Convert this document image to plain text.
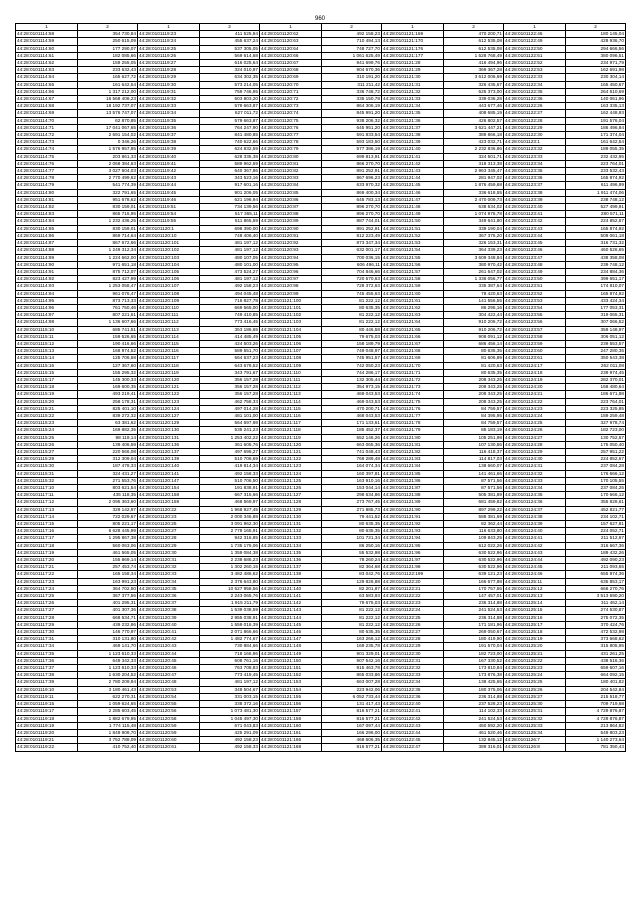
960
1	2	1	2	1	2	1	2	1	2
44:28:0101114:58	354 730,84	44:28:0101119:23	411 525,94	44:28:0101120:62	492 158,23	44:28:0101121:169	470 200,71	44:28:0101122:46	180 145,04
44:28:0101114:59	250 615,09	44:28:0101119:24	455 637,24	44:28:0101120:63	710 494,13	44:28:0101121:170	612 535,08	44:28:0101122:49	428 936,70
44:28:0101114:60	177 290,07	44:28:0101119:25	537 305,05	44:28:0101120:64	748 727,70	44:28:0101121:176	612 535,08	44:28:0101122:50	294 666,56
44:28:0101114:61	182 085,66	44:28:0101119:26	569 614,68	44:28:0101120:66	1 061 625,49	44:28:0101121:177	1 528 768,49	44:28:0101122:51	380 096,51
44:28:0101114:62	159 255,05	44:28:0101119:27	616 025,64	44:28:0101120:67	941 699,76	44:28:0101121:28	416 494,96	44:28:0101122:52	234 971,79
44:28:0101114:63	233 632,43	44:28:0101119:28	324 010,97	44:28:0101120:68	904 670,36	44:28:0101121:29	369 367,28	44:28:0101122:53	162 691,98
44:28:0101114:64	165 627,72	44:28:0101119:29	634 302,35	44:28:0101120:69	310 191,20	44:28:0101121:30	3 612 006,69	44:28:0101122:33	230 304,14
44:28:0101114:65	161 642,54	44:28:0101119:30	573 214,05	44:28:0101120:70	311 211,42	44:28:0101121:31	326 435,67	44:28:0101122:34	165 450,67
44:28:0101114:66	1 317 212,00	44:28:0101119:31	759 746,95	44:28:0101120:71	336 748,72	44:28:0101121:32	625 373,00	44:28:0101122:35	264 610,69
44:28:0101114:67	16 568 408,23	44:28:0101119:32	603 803,20	44:28:0101120:72	335 150,78	44:28:0101121:33	339 036,28	44:28:0101122:36	140 061,96
44:28:0101114:68	18 192 737,07	44:28:0101119:33	579 663,87	44:28:0101120:73	864 306,19	44:28:0101121:34	443 677,46	44:28:0101122:26	163 335,13
44:28:0101114:69	13 576 747,07	44:28:0101119:34	627 011,72	44:28:0101120:74	845 991,20	44:28:0101121:35	408 685,19	44:28:0101122:27	162 448,93
44:28:0101114:70	62 870,85	44:28:0101119:35	579 663,87	44:28:0101120:75	938 206,32	44:28:0101121:36	426 802,57	44:28:0101122:28	191 576,04
44:28:0101114:71	17 041 067,65	44:28:0101119:36	764 247,90	44:28:0101120:76	645 951,20	44:28:0101121:37	3 621 447,21	44:28:0101122:29	186 496,84
44:28:0101114:72	2 691 154,02	44:28:0101119:37	841 480,85	44:28:0101120:77	591 833,54	44:28:0101121:38	389 866,18	44:28:0101122:30	171 374,04
44:28:0101114:73	0 346,26	44:28:0101119:38	740 622,66	44:28:0101120:78	593 183,50	44:28:0101121:39	423 032,71	44:28:0101123:1	161 642,54
44:28:0101114:74	1 576 957,85	44:28:0101119:39	624 832,59	44:28:0101120:79	577 386,19	44:28:0101121:40	2 232 836,86	44:28:0101123:32	189 055,35
44:28:0101114:75	203 861,33	44:28:0101119:40	628 335,38	44:28:0101120:80	699 813,91	44:28:0101121:41	324 501,71	44:28:0101123:33	232 432,95
44:28:0101114:76	2 068 384,63	44:28:0101119:41	589 962,59	44:28:0101120:81	866 270,70	44:28:0101121:42	318 313,38	44:28:0101123:34	223 764,01
44:28:0101114:77	3 027 604,03	44:28:0101119:42	640 367,86	44:28:0101120:82	891 252,91	44:28:0101121:43	2 963 345,47	44:28:0101123:35	233 532,43
44:28:0101114:78	2 770 499,62	44:28:0101119:43	343 523,16	44:28:0101120:83	867 696,23	44:28:0101121:44	281 947,02	44:28:0101123:36	165 874,92
44:28:0101114:79	541 774,39	44:28:0101119:44	917 601,16	44:28:0101120:84	633 970,32	44:28:0101121:45	1 876 459,68	44:28:0101123:37	611 496,99
44:28:0101114:80	322 791,65	44:28:0101119:45	901 206,05	44:28:0101120:85	869 400,34	44:28:0101121:46	336 618,55	44:28:0101123:38	1 911 474,06
44:28:0101114:81	951 678,62	44:28:0101119:46	621 196,94	44:28:0101120:86	645 783,13	44:28:0101121:47	2 470 009,73	44:28:0101123:39	238 748,12
44:28:0101114:82	830 159,01	44:28:0101119:51	734 139,56	44:28:0101120:87	896 270,70	44:28:0101121:48	638 534,02	44:28:0101123:40	527 499,91
44:28:0101114:83	865 716,95	44:28:0101119:54	517 365,11	44:28:0101120:88	896 270,70	44:28:0101121:49	1 074 976,78	44:28:0101123:41	280 571,11
44:28:0101114:84	1 232 436,25	44:28:0101119:55	511 865,59	44:28:0101120:89	887 744,01	44:28:0101121:50	349 641,80	44:28:0101123:42	224 852,67
44:28:0101114:85	830 159,01	44:28:0101120:1	698 390,00	44:28:0101120:90	891 252,91	44:28:0101121:51	339 190,04	44:28:0101123:43	165 874,92
44:28:0101114:86	869 714,64	44:28:0101120:10	748 406,40	44:28:0101120:91	812 223,49	44:28:0101121:52	367 376,20	44:28:0101123:44	508 061,18
44:28:0101114:87	867 672,66	44:28:0101120:101	481 197,12	44:28:0101120:92	873 347,34	44:28:0101121:53	326 153,31	44:28:0101123:45	316 731,32
44:28:0101114:88	1 249 312,34	44:28:0101120:102	481 197,12	44:28:0101120:93	632 001,17	44:28:0101121:54	364 339,23	44:28:0101123:46	460 526,65
44:28:0101114:89	1 224 662,00	44:28:0101120:103	480 107,05	44:28:0101120:94	700 036,15	44:28:0101121:55	3 609 348,84	44:28:0101123:47	438 358,08
44:28:0101114:90	971 651,18	44:28:0101120:104	480 101,00	44:28:0101120:95	606 496,11	44:28:0101121:56	380 970,42	44:28:0101123:48	239 748,12
44:28:0101114:91	875 712,07	44:28:0101120:105	473 524,27	44:28:0101120:96	704 846,66	44:28:0101121:57	261 647,02	44:28:0101123:49	234 884,36
44:28:0101114:92	823 427,99	44:28:0101120:106	481 197,12	44:28:0101120:97	720 570,63	44:28:0101121:58	1 336 056,77	44:28:0101123:50	399 651,17
44:28:0101114:93	1 253 058,47	44:28:0101120:107	492 158,23	44:28:0101120:98	728 372,63	44:28:0101121:59	335 387,64	44:28:0101123:51	174 810,07
44:28:0101114:94	961 076,47	44:28:0101120:108	494 045,48	44:28:0101120:99	745 455,63	44:28:0101121:60	78 420,63	44:28:0101123:52	165 874,92
44:28:0101114:95	873 713,33	44:28:0101120:109	716 827,78	44:28:0101121:100	81 222,12	44:28:0101121:61	141 556,55	44:28:0101123:53	433 424,34
44:28:0101114:96	761 750,46	44:28:0101120:110	669 565,00	44:28:0101121:101	80 635,35	44:28:0101121:62	86 295,16	44:28:0101123:54	177 053,31
44:28:0101114:97	807 221,61	44:28:0101120:111	749 410,85	44:28:0101121:102	81 222,12	44:28:0101121:63	304 422,44	44:28:0101123:55	319 065,31
44:28:0101114:98	1 136 607,66	44:28:0101120:112	773 416,45	44:28:0101121:103	81 222,12	44:28:0101121:64	910 206,72	44:28:0101123:56	307 066,52
44:28:0101115:10	685 741,51	44:28:0101120:113	353 186,65	44:28:0101121:104	80 446,58	44:28:0101121:65	910 206,72	44:28:0101123:57	359 148,97
44:28:0101115:11	159 526,65	44:28:0101120:114	414 485,49	44:28:0101121:105	79 675,03	44:28:0101121:66	908 091,12	44:28:0101123:58	306 051,12
44:28:0101115:12	190 416,66	44:28:0101120:115	424 503,26	44:28:0101121:106	158 189,79	44:28:0101121:67	686 456,14	44:28:0101123:59	239 553,57
44:28:0101115:13	168 974,52	44:28:0101120:116	589 551,70	44:28:0101121:107	749 048,97	44:28:0101121:68	80 635,35	44:28:0101123:60	247 280,35
44:28:0101115:14	125 706,68	44:28:0101120:117	564 637,23	44:28:0101121:108	745 951,57	44:28:0101121:69	81 606,89	44:28:0101123:61	350 543,38
44:28:0101115:16	127 367,60	44:28:0101120:118	643 678,52	44:28:0101121:109	742 050,23	44:28:0101121:70	81 420,63	44:28:0101124:17	262 011,08
44:28:0101115:15	155 295,32	44:28:0101120:119	343 791,67	44:28:0101121:110	744 286,17	44:28:0101121:71	80 635,35	44:28:0101124:18	239 974,45
44:28:0101115:17	145 300,33	44:28:0101120:120	356 157,28	44:28:0101121:111	132 305,44	44:28:0101121:72	208 343,25	44:28:0101124:19	282 370,01
44:28:0101115:18	169 600,35	44:28:0101120:121	356 157,28	44:28:0101121:112	354 973,15	44:28:0101121:73	208 343,25	44:28:0101124:20	168 480,64
44:28:0101115:19	493 219,41	44:28:0101120:122	356 157,28	44:28:0101121:113	468 043,53	44:28:0101121:74	208 343,25	44:28:0101124:21	186 671,88
44:28:0101115:20	258 178,31	44:28:0101120:123	462 758,33	44:28:0101121:114	469 043,53	44:28:0101121:75	208 343,25	44:28:0101124:22	223 764,01
44:28:0101115:21	825 401,10	44:28:0101120:124	497 014,28	44:28:0101121:115	470 200,71	44:28:0101121:76	84 759,57	44:28:0101124:23	223 325,85
44:28:0101115:22	839 272,32	44:28:0101120:127	481 101,00	44:28:0101121:116	468 043,53	44:28:0101121:77	84 395,95	44:28:0101124:24	189 259,48
44:28:0101115:23	63 381,62	44:28:0101120:129	564 697,98	44:28:0101121:117	171 133,61	44:28:0101121:78	84 759,57	44:28:0101124:25	327 978,74
44:28:0101115:24	169 882,35	44:28:0101120:130	535 241,23	44:28:0101121:118	185 452,37	44:28:0101121:79	85 183,19	44:28:0101124:26	182 723,00
44:28:0101115:25	98 119,14	44:28:0101120:131	1 253 402,22	44:28:0101121:119	552 146,26	44:28:0101121:80	105 251,98	44:28:0101124:27	130 752,57
44:28:0101115:26	139 406,59	44:28:0101120:136	361 605,76	44:28:0101121:120	663 065,36	44:28:0101121:81	107 130,56	44:28:0101124:28	175 050,40
44:28:0101115:27	220 566,08	44:28:0101120:137	497 695,27	44:28:0101121:121	741 048,43	44:28:0101121:82	116 418,37	44:28:0101124:29	257 951,22
44:28:0101115:29	312 309,04	44:28:0101120:139	510 706,69	44:28:0101121:122	769 289,48	44:28:0101121:83	114 817,03	44:28:0101124:30	224 852,67
44:28:0101115:30	187 478,33	44:28:0101120:140	419 814,34	44:28:0101121:123	164 074,34	44:28:0101121:84	138 660,07	44:28:0101124:31	237 084,28
44:28:0101115:31	324 431,27	44:28:0101120:141	492 158,33	44:28:0101121:124	160 397,81	44:28:0101121:85	141 461,66	44:28:0101124:32	176 666,12
44:28:0101115:32	271 553,76	44:28:0101120:147	510 706,50	44:28:0101121:125	163 910,16	44:28:0101121:86	87 571,56	44:28:0101124:33	170 105,55
44:28:0101117:10	803 621,54	44:28:0101120:154	191 838,91	44:28:0101121:126	153 044,14	44:28:0101121:87	87 571,56	44:28:0101124:34	237 084,25
44:28:0101117:11	435 118,35	44:28:0101120:158	667 315,66	44:28:0101121:127	298 634,86	44:28:0101121:88	505 381,89	44:28:0101124:35	170 666,12
44:28:0101117:12	2 095 363,60	44:28:0101120:159	468 569,97	44:28:0101121:128	273 767,45	44:28:0101121:89	681 459,82	44:28:0101124:36	355 828,61
44:28:0101117:13	329 142,97	44:28:0101120:22	1 968 927,45	44:28:0101121:129	271 885,73	44:28:0101121:90	897 299,22	44:28:0101124:37	452 821,77
44:28:0101117:14	722 029,67	44:28:0101120:23	2 000 346,88	44:28:0101121:130	79 441,52	44:28:0101121:91	588 381,69	44:28:0101124:38	234 102,71
44:28:0101117:15	805 221,17	44:28:0101120:25	3 091 962,30	44:28:0101121:131	80 635,35	44:28:0101121:92	82 362,44	44:28:0101124:39	157 627,81
44:28:0101117:16	6 628 445,99	44:28:0101120:27	2 779 165,91	44:28:0101121:132	80 635,35	44:28:0101121:93	116 633,80	44:28:0101124:40	224 052,71
44:28:0101117:17	1 295 867,38	44:28:0101120:28	942 316,85	44:28:0101121:133	101 721,34	44:28:0101121:94	109 843,25	44:28:0101124:41	211 512,67
44:28:0101117:18	560 063,06	44:28:0101120:29	1 735 176,06	44:28:0101121:134	86 250,16	44:28:0101121:95	612 022,26	44:28:0101124:42	316 667,36
44:28:0101117:19	461 565,05	44:28:0101120:30	1 359 084,38	44:28:0101121:135	55 532,98	44:28:0101121:96	630 522,96	44:28:0101124:43	189 432,26
44:28:0101117:20	155 869,14	44:28:0101120:31	2 238 685,23	44:28:0101121:136	78 260,24	44:28:0101121:97	630 522,96	44:28:0101124:44	492 090,23
44:28:0101117:21	257 453,74	44:28:0101120:32	1 302 260,15	44:28:0101121:137	82 364,68	44:28:0101121:98	630 522,96	44:28:0101124:45	211 093,65
44:28:0101117:22	165 158,34	44:28:0101120:33	3 482 486,62	44:28:0101121:138	83 042,76	44:28:0101122:199	639 121,23	44:28:0101124:46	655 974,36
44:28:0101117:23	163 991,23	44:28:0101120:34	2 376 643,80	44:28:0101121:139	129 826,88	44:28:0101122:20	166 677,88	44:28:0101125:11	635 853,17
44:28:0101117:24	364 702,50	44:28:0101120:35	10 527 958,56	44:28:0101121:140	82 201,87	44:28:0101122:21	170 757,56	44:28:0101125:12	666 270,76
44:28:0101117:25	367 377,56	44:28:0101120:36	2 243 065,76	44:28:0101121:141	63 583,93	44:28:0101122:22	147 457,01	44:28:0101125:13	3 513 690,20
44:28:0101117:26	401 295,31	44:28:0101120:37	1 915 211,79	44:28:0101121:142	79 675,03	44:28:0101122:23	236 314,88	44:28:0101125:14	311 462,14
44:28:0101117:27	401 307,36	44:28:0101120:38	1 539 038,59	44:28:0101121:143	81 222,12	44:28:0101122:24	241 524,53	44:28:0101125:15	274 530,87
44:28:0101117:28	668 534,71	44:28:0101120:39	2 955 038,91	44:28:0101121:144	81 222,12	44:28:0101122:25	236 314,88	44:28:0101125:16	275 072,35
44:28:0101117:29	439 232,86	44:28:0101120:40	1 559 016,39	44:28:0101121:145	81 222,12	44:28:0101122:26	171 181,96	44:28:0101125:17	370 424,76
44:28:0101117:30	146 770,97	44:28:0101120:41	2 071 866,66	44:28:0101121:146	80 635,35	44:28:0101122:27	269 050,67	44:28:0101125:18	472 532,98
44:28:0101117:31	310 131,80	44:28:0101120:42	1 482 774,67	44:28:0101121:147	163 266,12	44:28:0101122:28	180 419,90	44:28:0101125:19	373 668,62
44:28:0101117:34	469 141,70	44:28:0101120:43	730 884,66	44:28:0101121:148	169 235,78	44:28:0101122:29	191 570,04	44:28:0101125:20	315 805,95
44:28:0101117:35	1 123 610,33	44:28:0101120:44	718 166,96	44:28:0101121:149	901 329,01	44:28:0101122:30	182 723,00	44:28:0101125:21	431 261,25
44:28:0101117:36	649 342,33	44:28:0101120:45	608 761,16	44:28:0101121:150	907 542,16	44:28:0101122:31	167 330,52	44:28:0101125:22	438 516,36
44:28:0101117:37	1 123 610,33	44:28:0101120:46	763 708,83	44:28:0101121:151	915 463,78	44:28:0101122:32	173 810,84	44:28:0101125:23	659 607,16
44:28:0101117:38	1 630 204,52	44:28:0101120:47	773 419,45	44:28:0101121:152	865 033,86	44:28:0101122:33	173 876,38	44:28:0101125:24	664 092,15
44:28:0101117:39	2 780 209,94	44:28:0101120:48	481 197,12	44:28:0101121:153	663 007,28	44:28:0101122:34	138 425,65	44:28:0101125:25	180 401,82
44:28:0101119:10	3 180 461,43	44:28:0101120:53	348 504,67	44:28:0101121:154	223 942,06	44:28:0101122:35	180 375,06	44:28:0101125:26	204 542,84
44:28:0101119:11	622 270,31	44:28:0101120:54	331 003,15	44:28:0101121:155	6 052 733,44	44:28:0101122:36	236 314,88	44:28:0101125:27	215 518,77
44:28:0101119:15	1 059 624,65	44:28:0101120:55	338 372,16	44:28:0101121:156	131 417,43	44:28:0101122:40	237 528,23	44:28:0101125:30	709 719,68
44:28:0101119:17	2 285 603,45	44:28:0101120:56	1 073 481,30	44:28:0101121:157	816 577,21	44:28:0101122:41	114 102,33	44:28:0101125:31	4 729 876,87
44:28:0101119:18	1 882 679,95	44:28:0101120:58	1 045 497,30	44:28:0101121:158	816 577,21	44:28:0101122:42	241 524,53	44:28:0101125:32	4 729 876,87
44:28:0101119:19	1 774 115,48	44:28:0101120:59	671 043,83	44:28:0101121:160	167 097,44	44:28:0101122:43	450 592,20	44:28:0101125:33	213 864,82
44:28:0101119:20	1 849 908,70	44:28:0101120:59	425 291,09	44:28:0101121:161	166 296,00	44:28:0101122:44	461 520,46	44:28:0101125:34	549 803,23
44:28:0101119:21	3 752 788,09	44:28:0101120:60	492 158,23	44:28:0101121:165	468 606,35	44:28:0101122:45	132 845,12	44:28:0101126:7	1 140 273,64
44:28:0101119:22	410 752,40	44:28:0101120:61	492 158,33	44:28:0101121:168	816 577,21	44:28:0101122:47	389 316,01	44:28:0101126:8	781 350,43
